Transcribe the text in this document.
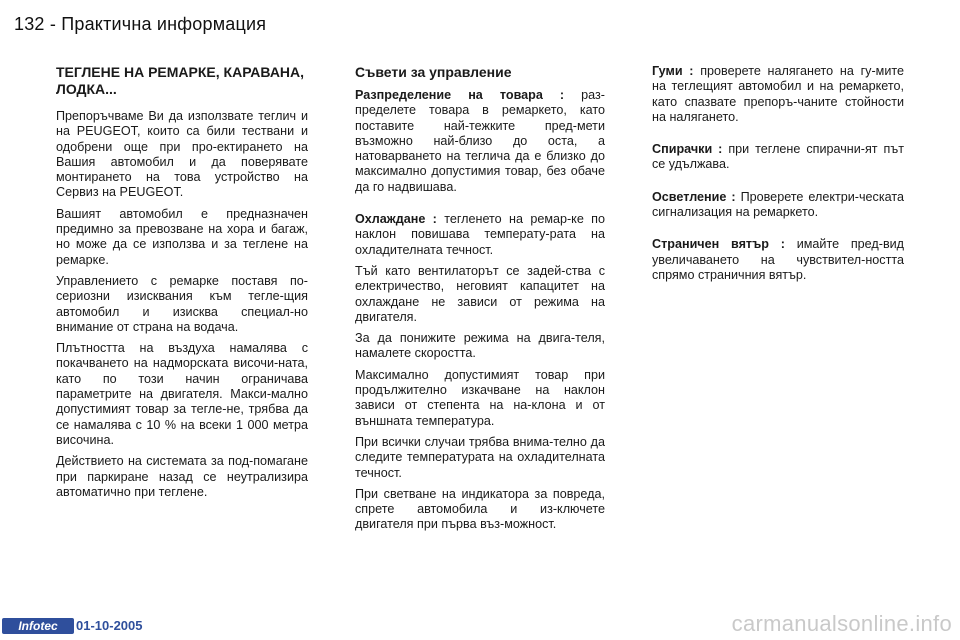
132 - Практична информация
ТЕГЛЕНЕ НА РЕМАРКЕ, КАРАВАНА, ЛОДКА...

Препоръчваме Ви да използвате теглич и на PEUGEOT, които са били тествани и одобрени още при про-ектирането на Вашия автомобил и да поверявате монтирането на това устройство на Сервиз на PEUGEOT.

Вашият автомобил е предназначен предимно за превозване на хора и багаж, но може да се използва и за теглене на ремарке.

Управлението с ремарке поставя по-сериозни изисквания към тегле-щия автомобил и изисква специал-но внимание от страна на водача.

Плътността на въздуха намалява с покачването на надморската височи-ната, като по този начин ограничава параметрите на двигателя. Макси-мално допустимият товар за тегле-не, трябва да се намалява с 10 % на всеки 1 000 метра височина.

Действието на системата за под-помагане при паркиране назад се неутрализира автоматично при теглене.

Съвети за управление

Разпределение на товара : раз-пределете товара в ремаркето, като поставите най-тежките пред-мети възможно най-близо до оста, а натоварването на теглича да е близко до максимално допустимия товар, без обаче да го надвишава.

Охлаждане : тегленето на ремар-ке по наклон повишава температу-рата на охладителната течност.

Тъй като вентилаторът се задей-ства с електричество, неговият капацитет на охлаждане не зависи от режима на двигателя.

За да понижите режима на двига-теля, намалете скоростта.

Максимално допустимият товар при продължително изкачване на наклон зависи от степента на на-клона и от външната температура.

При всички случаи трябва внима-телно да следите температурата на охладителната течност.

При светване на индикатора за повреда, спрете автомобила и из-ключете двигателя при първа въз-можност.

Гуми : проверете налягането на гу-мите на теглещият автомобил и на ремаркето, като спазвате препоръ-чаните стойности на налягането.

Спирачки : при теглене спирачни-ят път се удължава.

Осветление : Проверете електри-ческата сигнализация на ремаркето.

Страничен вятър : имайте пред-вид увеличаването на чувствител-ността спрямо страничния вятър.

Infotec	01-10-2005	carmanualsonline.info
